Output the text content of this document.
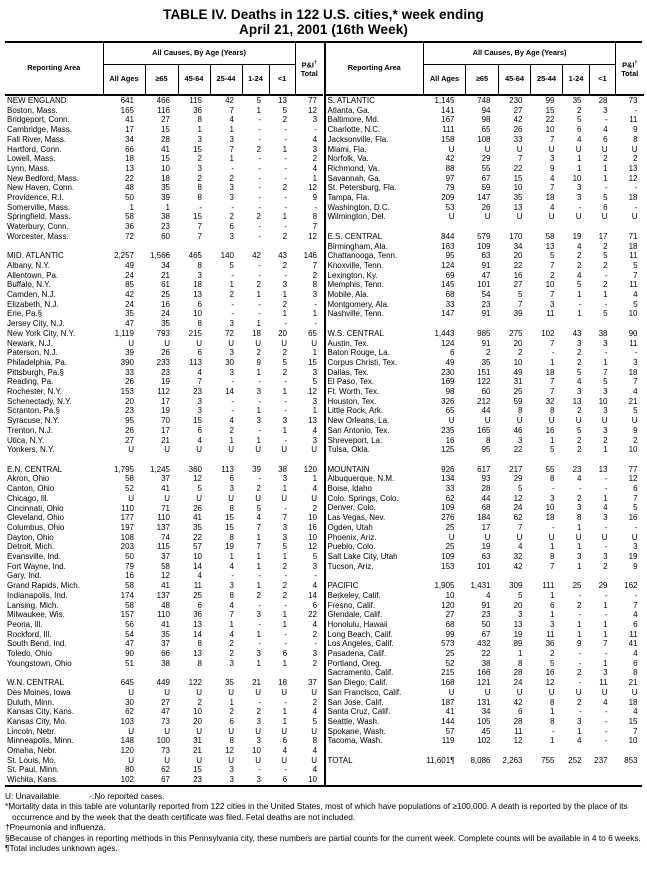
TABLE IV. Deaths in 122 U.S. cities,* week ending
April 21, 2001 (16th Week)
Reporting Area	All Causes, By Age (Years)						P&I†
Total
	All Ages	≥65	45-64	25-44	1-24	<1	
NEW ENGLAND	641	466	115	42	5	13	77
Boston, Mass.	165	116	36	7	1	5	12
Bridgeport, Conn.	41	27	8	4	-	2	3
Cambridge, Mass.	17	15	1	1	-	-	-
Fall River, Mass.	34	28	3	3	-	-	4
Hartford, Conn.	66	41	15	7	2	1	3
Lowell, Mass.	18	15	2	1	-	-	2
Lynn, Mass.	13	10	3	-	-	-	4
New Bedford, Mass.	22	18	2	2	-	-	1
New Haven, Conn.	48	35	8	3	-	2	12
Providence, R.I.	50	39	8	3	-	-	9
Somerville, Mass.	1	1	-	-	-	-	-
Springfield, Mass.	58	38	15	2	2	1	8
Waterbury, Conn.	36	23	7	6	-	-	7
Worcester, Mass.	72	60	7	3	-	2	12

MID. ATLANTIC	2,257	1,566	465	140	42	43	146
Albany, N.Y.	49	34	8	5	-	2	7
Allentown, Pa.	24	21	3	-	-	-	2
Buffalo, N.Y.	85	61	18	1	2	3	8
Camden, N.J.	42	25	13	2	1	1	3
Elizabeth, N.J.	24	16	6	-	-	2	-
Erie, Pa.§	35	24	10	-	-	1	1
Jersey City, N.J.	47	35	8	3	1	-	-
New York City, N.Y.	1,119	793	215	72	18	20	65
Newark, N.J.	U	U	U	U	U	U	U
Paterson, N.J.	39	26	6	3	2	2	1
Philadelphia, Pa.	390	233	113	30	9	5	15
Pittsburgh, Pa.§	33	23	4	3	1	2	3
Reading, Pa.	26	19	7	-	-	-	5
Rochester, N.Y.	153	112	23	14	3	1	12
Schenectady, N.Y.	20	17	3	-	-	-	3
Scranton, Pa.§	23	19	3	-	1	-	1
Syracuse, N.Y.	95	70	15	4	3	3	13
Trenton, N.J.	26	17	6	2	-	1	4
Utica, N.Y.	27	21	4	1	1	-	3
Yonkers, N.Y.	U	U	U	U	U	U	U

E.N. CENTRAL	1,795	1,245	360	113	39	38	120
Akron, Ohio	58	37	12	6	-	3	1
Canton, Ohio	52	41	5	3	2	1	4
Chicago, Ill.	U	U	U	U	U	U	U
Cincinnati, Ohio	110	71	26	8	5	-	2
Cleveland, Ohio	177	110	41	15	4	7	10
Columbus, Ohio	197	137	35	15	7	3	16
Dayton, Ohio	108	74	22	8	1	3	10
Detroit, Mich.	203	115	57	19	7	5	12
Evansville, Ind.	50	37	10	1	1	1	5
Fort Wayne, Ind.	79	58	14	4	1	2	3
Gary, Ind.	16	12	4	-	-	-	-
Grand Rapids, Mich.	58	41	11	3	1	2	4
Indianapolis, Ind.	174	137	25	8	2	2	14
Lansing, Mich.	58	48	6	4	-	-	6
Milwaukee, Wis.	157	110	36	7	3	1	22
Peoria, Ill.	56	41	13	1	-	1	4
Rockford, Ill.	54	35	14	4	1	-	2
South Bend, Ind.	47	37	8	2	-	-	-
Toledo, Ohio	90	66	13	2	3	6	3
Youngstown, Ohio	51	38	8	3	1	1	2

W.N. CENTRAL	645	449	122	35	21	18	37
Des Moines, Iowa	U	U	U	U	U	U	U
Duluth, Minn.	30	27	2	1	-	-	2
Kansas City, Kans.	62	47	10	2	2	1	4
Kansas City, Mo.	103	73	20	6	3	1	5
Lincoln, Nebr.	U	U	U	U	U	U	U
Minneapolis, Minn.	148	100	31	8	3	6	8
Omaha, Nebr.	120	73	21	12	10	4	4
St. Louis, Mo.	U	U	U	U	U	U	U
St. Paul, Minn.	80	62	15	3	-	-	4
Wichita, Kans.	102	67	23	3	3	6	10
Reporting Area	All Causes, By Age (Years)						P&I†
Total
	All Ages	≥65	45-64	25-44	1-24	<1	
S. ATLANTIC	1,145	748	230	99	35	28	73
Atlanta, Ga.	141	94	27	15	2	3	-
Baltimore, Md.	167	98	42	22	5	-	11
Charlotte, N.C.	111	65	26	10	6	4	9
Jacksonville, Fla.	158	108	33	7	4	6	8
Miami, Fla.	U	U	U	U	U	U	U
Norfolk, Va.	42	29	7	3	1	2	2
Richmond, Va.	88	55	22	9	1	1	13
Savannah, Ga.	97	67	15	4	10	1	12
St. Petersburg, Fla.	79	59	10	7	3	-	-
Tampa, Fla.	209	147	35	18	3	5	18
Washington, D.C.	53	26	13	4	-	6	-
Wilmington, Del.	U	U	U	U	U	U	U

E.S. CENTRAL	844	579	170	58	19	17	71
Birmingham, Ala.	163	109	34	13	4	2	18
Chattanooga, Tenn.	95	63	20	5	2	5	11
Knoxville, Tenn.	124	91	22	7	2	2	5
Lexington, Ky.	69	47	16	2	4	-	7
Memphis, Tenn.	145	101	27	10	5	2	11
Mobile, Ala.	68	54	5	7	1	1	4
Montgomery, Ala.	33	23	7	3	-	-	5
Nashville, Tenn.	147	91	39	11	1	5	10

W.S. CENTRAL	1,443	985	275	102	43	38	90
Austin, Tex.	124	91	20	7	3	3	11
Baton Rouge, La.	6	2	2	-	2	-	-
Corpus Christi, Tex.	49	35	10	1	2	1	3
Dallas, Tex.	230	151	49	18	5	7	18
El Paso, Tex.	169	122	31	7	4	5	7
Ft. Worth, Tex.	98	60	25	7	3	3	4
Houston, Tex.	326	212	59	32	13	10	21
Little Rock, Ark.	65	44	8	8	2	3	5
New Orleans, La.	U	U	U	U	U	U	U
San Antonio, Tex.	235	165	46	16	5	3	9
Shreveport, La.	16	8	3	1	2	2	2
Tulsa, Okla.	125	95	22	5	2	1	10

MOUNTAIN	926	617	217	55	23	13	77
Albuquerque, N.M.	134	93	29	8	4	-	12
Boise, Idaho	33	28	5	-	-	-	6
Colo. Springs, Colo.	62	44	12	3	2	1	7
Denver, Colo.	109	68	24	10	3	4	5
Las Vegas, Nev.	276	184	62	18	8	3	16
Ogden, Utah	25	17	7	-	1	-	-
Phoenix, Ariz.	U	U	U	U	U	U	U
Pueblo, Colo.	25	19	4	1	1	-	3
Salt Lake City, Utah	109	63	32	8	3	3	19
Tucson, Ariz.	153	101	42	7	1	2	9

PACIFIC	1,905	1,431	309	111	25	29	162
Berkeley, Calif.	10	4	5	1	-	-	-
Fresno, Calif.	120	91	20	6	2	1	7
Glendale, Calif.	27	23	3	1	-	-	4
Honolulu, Hawaii	68	50	13	3	1	1	6
Long Beach, Calif.	99	67	19	11	1	1	11
Los Angeles, Calif.	573	432	89	36	9	7	41
Pasadena, Calif.	25	22	1	2	-	-	4
Portland, Oreg.	52	38	8	5	-	1	6
Sacramento, Calif.	215	166	28	16	2	3	8
San Diego, Calif.	168	121	24	12	-	11	21
San Francisco, Calif.	U	U	U	U	U	U	U
San Jose, Calif.	187	131	42	8	2	4	18
Santa Cruz, Calif.	41	34	6	1	-	-	4
Seattle, Wash.	144	105	28	8	3	-	15
Spokane, Wash.	57	45	11	-	1	-	7
Tacoma, Wash.	119	102	12	1	4	-	10

TOTAL	11,601¶	8,086	2,263	755	252	237	853
U: Unavailable.	-:No reported cases.
*Mortality data in this table are voluntarily reported from 122 cities in the United States, most of which have populations of ≥100,000. A death is reported by the place of its occurrence and by the week that the death certificate was filed. Fetal deaths are not included.
†Pneumonia and influenza.
§Because of changes in reporting methods in this Pennsylvania city, these numbers are partial counts for the current week. Complete counts will be available in 4 to 6 weeks.
¶Total includes unknown ages.
